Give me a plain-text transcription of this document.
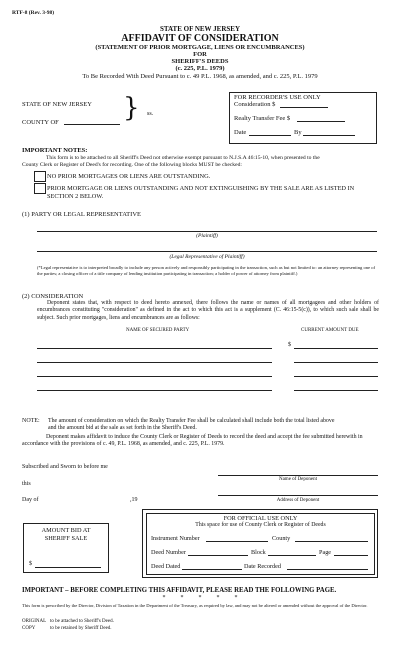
RTF-8 (Rev. 3-98)
STATE OF NEW JERSEY
AFFIDAVIT OF CONSIDERATION
(STATEMENT OF PRIOR MORTGAGE, LIENS OR ENCUMBRANCES)
FOR
SHERIFF'S DEEDS
(c. 225, P.L. 1979)
To Be Recorded With Deed Pursuant to c. 49 P.L. 1968, as amended, and c. 225, P.L. 1979
STATE OF NEW JERSEY
COUNTY OF } ss.
FOR RECORDER'S USE ONLY
Consideration $
Realty Transfer Fee $
Date	By
IMPORTANT NOTES:
This form is to be attached to all Sheriff's Deed not otherwise exempt pursuant to N.J.S.A 46:15-10, when presented to the
County Clerk or Register of Deed's for recording. One of the following blocks MUST be checked:
NO PRIOR MORTGAGES OR LIENS ARE OUTSTANDING.
PRIOR MORTGAGE OR LIENS OUTSTANDING AND NOT EXTINGUISHING BY THE SALE ARE AS LISTED IN
SECTION 2 BELOW.
(1) PARTY OR LEGAL REPRESENTATIVE
(Plaintiff)
(Legal Representative of Plaintiff)
(*Legal representative is to interpreted broadly to include any person actively and responsibly participating in the transaction, such as but not limited to: an attorney representing one of the parties; a closing officer of a title company of lending institution participating in transaction; a holder of power of attorney from plaintiff.)
(2) CONSIDERATION
Deponent states that, with respect to deed hereto annexed, there follows the name or names of all mortgagees and other holders of encumbrances constituting "consideration" as defined in the act to which this act is a supplement (C. 46:15-5(c)), to which such sale shall be subject. Such prior mortgages, liens and encumbrances are as follows:
NAME OF SECURED PARTY	CURRENT AMOUNT DUE
$
NOTE: The amount of consideration on which the Realty Transfer Fee shall be calculated shall include both the total listed above
and the amount bid at the sale as set forth in the Sheriff's Deed.
Deponent makes affidavit to induce the County Clerk or Register of Deeds to record the deed and accept the fee submitted herewith in accordance with the provisions of c. 49, P.L. 1968, as amended, and c. 225, P.L. 1979.
Subscribed and Sworn to before me
this
Day of	,19
Name of Deponent
Address of Deponent
AMOUNT BID AT
SHERIFF SALE
$
FOR OFFICIAL USE ONLY
This space for use of County Clerk or Register of Deeds
Instrument Number	County
Deed Number	Block	Page
Deed Dated	Date Recorded
IMPORTANT – BEFORE COMPLETING THIS AFFIDAVIT, PLEASE READ THE FOLLOWING PAGE.
*          *          *          *          *
This form is prescribed by the Director, Division of Taxation in the Department of the Treasury, as required by law, and may not be altered or amended without the approval of the Director.
ORIGINAL to be attached to Sheriff's Deed.
COPY	to be retained by Sheriff Deed.
